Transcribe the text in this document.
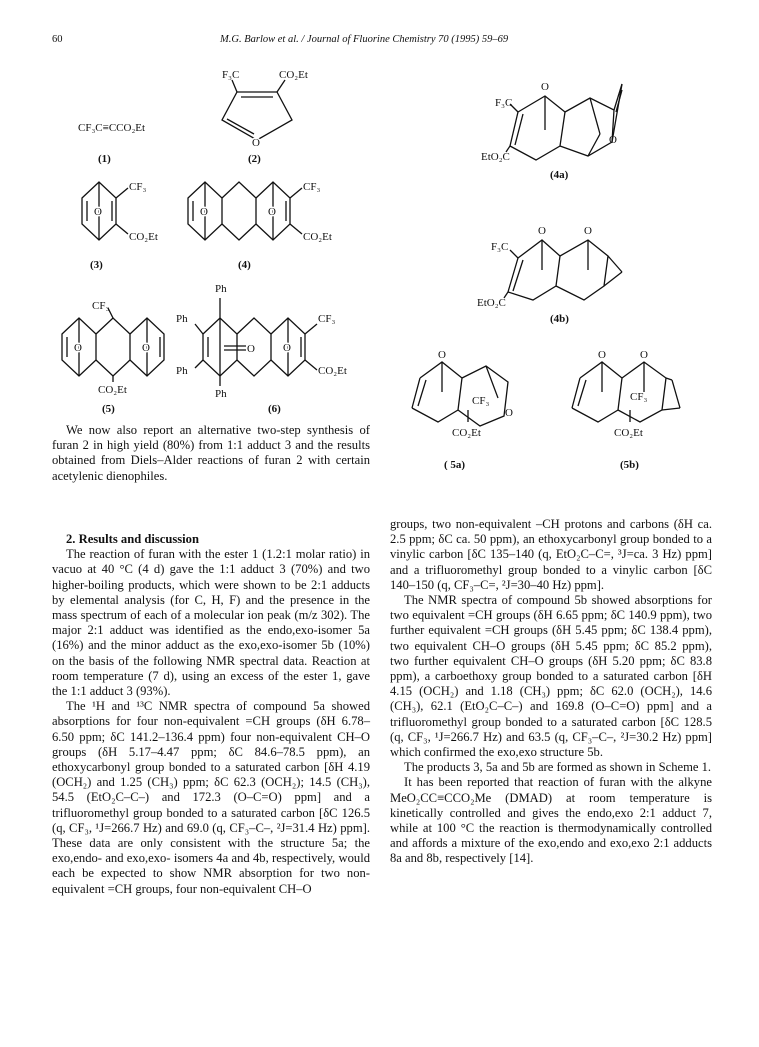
60	M.G. Barlow et al. / Journal of Fluorine Chemistry 70 (1995) 59–69
CF₃C≡CCO₂Et
(1)
F₃C	CO₂Et
O
(2)
O
CF₃
CO₂Et
(3)
O	O
CF₃
CO₂Et
(4)
CF₃
CO₂Et
O	O
(5)
Ph
Ph
Ph
Ph
CF₃
CO₂Et
O	O
(6)
F₃C
EtO₂C
O
O
(4a)
F₃C
EtO₂C
O	O
(4b)
O
O
CF₃
CO₂Et
( 5a)
O	O
CF₃
CO₂Et
(5b)

We now also report an alternative two-step synthesis of furan 2 in high yield (80%) from 1:1 adduct 3 and the results obtained from Diels–Alder reactions of furan 2 with certain acetylenic dienophiles.

2. Results and discussion

The reaction of furan with the ester 1 (1.2:1 molar ratio) in vacuo at 40 °C (4 d) gave the 1:1 adduct 3 (70%) and two higher-boiling products, which were shown to be 2:1 adducts by elemental analysis (for C, H, F) and the presence in the mass spectrum of each of a molecular ion peak (m/z 302). The major 2:1 adduct was identified as the endo,exo-isomer 5a (16%) and the minor adduct as the exo,exo-isomer 5b (10%) on the basis of the following NMR spectral data. Reaction at room temperature (7 d), using an excess of the ester 1, gave the 1:1 adduct 3 (93%).

The ¹H and ¹³C NMR spectra of compound 5a showed absorptions for four non-equivalent =CH groups (δH 6.78–6.50 ppm; δC 141.2–136.4 ppm) four non-equivalent CH–O groups (δH 5.17–4.47 ppm; δC 84.6–78.5 ppm), an ethoxycarbonyl group bonded to a saturated carbon [δH 4.19 (OCH₂) and 1.25 (CH₃) ppm; δC 62.3 (OCH₂); 14.5 (CH₃), 54.5 (EtO₂C–C–) and 172.3 (O–C=O) ppm] and a trifluoromethyl group bonded to a saturated carbon [δC 126.5 (q, CF₃, ¹J=266.7 Hz) and 69.0 (q, CF₃–C–, ²J=31.4 Hz) ppm]. These data are only consistent with the structure 5a; the exo,endo- and exo,exo- isomers 4a and 4b, respectively, would each be expected to show NMR absorption for two non-equivalent =CH groups, four non-equivalent CH–O

groups, two non-equivalent –CH protons and carbons (δH ca. 2.5 ppm; δC ca. 50 ppm), an ethoxycarbonyl group bonded to a vinylic carbon [δC 135–140 (q, EtO₂C–C=, ³J=ca. 3 Hz) ppm] and a trifluoromethyl group bonded to a vinylic carbon [δC 140–150 (q, CF₃–C=, ²J=30–40 Hz) ppm].

The NMR spectra of compound 5b showed absorptions for two equivalent =CH groups (δH 6.65 ppm; δC 140.9 ppm), two further equivalent =CH groups (δH 5.45 ppm; δC 138.4 ppm), two equivalent CH–O groups (δH 5.45 ppm; δC 85.2 ppm), two further equivalent CH–O groups (δH 5.20 ppm; δC 83.8 ppm), a carboethoxy group bonded to a saturated carbon [δH 4.15 (OCH₂) and 1.18 (CH₃) ppm; δC 62.0 (OCH₂), 14.6 (CH₃), 62.1 (EtO₂C–C–) and 169.8 (O–C=O) ppm] and a trifluoromethyl group bonded to a saturated carbon [δC 128.5 (q, CF₃, ¹J=266.7 Hz) and 63.5 (q, CF₃–C–, ²J=30.2 Hz) ppm] which confirmed the exo,exo structure 5b.

The products 3, 5a and 5b are formed as shown in Scheme 1.

It has been reported that reaction of furan with the alkyne MeO₂CC≡CCO₂Me (DMAD) at room temperature is kinetically controlled and gives the endo,exo 2:1 adduct 7, while at 100 °C the reaction is thermodynamically controlled and affords a mixture of the exo,endo and exo,exo 2:1 adducts 8a and 8b, respectively [14].
